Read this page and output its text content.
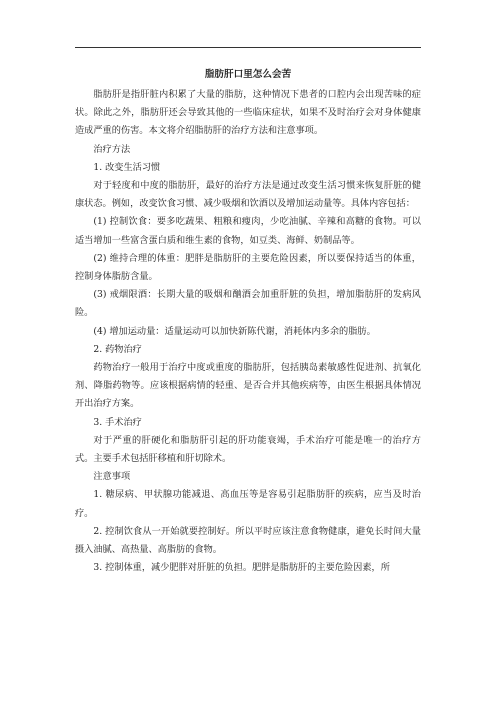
脂肪肝口里怎么会苦

脂肪肝是指肝脏内积累了大量的脂肪，这种情况下患者的口腔内会出现苦味的症状。除此之外，脂肪肝还会导致其他的一些临床症状，如果不及时治疗会对身体健康造成严重的伤害。本文将介绍脂肪肝的治疗方法和注意事项。

治疗方法

1. 改变生活习惯

对于轻度和中度的脂肪肝，最好的治疗方法是通过改变生活习惯来恢复肝脏的健康状态。例如，改变饮食习惯、减少吸烟和饮酒以及增加运动量等。具体内容包括：

(1) 控制饮食：要多吃蔬果、粗粮和瘦肉，少吃油腻、辛辣和高糖的食物。可以适当增加一些富含蛋白质和维生素的食物，如豆类、海鲜、奶制品等。

(2) 维持合理的体重：肥胖是脂肪肝的主要危险因素，所以要保持适当的体重，控制身体脂肪含量。

(3) 戒烟限酒：长期大量的吸烟和酗酒会加重肝脏的负担，增加脂肪肝的发病风险。

(4) 增加运动量：适量运动可以加快新陈代谢，消耗体内多余的脂肪。

2. 药物治疗

药物治疗一般用于治疗中度或重度的脂肪肝，包括胰岛素敏感性促进剂、抗氧化剂、降脂药物等。应该根据病情的轻重、是否合并其他疾病等，由医生根据具体情况开出治疗方案。

3. 手术治疗

对于严重的肝硬化和脂肪肝引起的肝功能衰竭，手术治疗可能是唯一的治疗方式。主要手术包括肝移植和肝切除术。

注意事项

1. 糖尿病、甲状腺功能减退、高血压等是容易引起脂肪肝的疾病，应当及时治疗。

2. 控制饮食从一开始就要控制好。所以平时应该注意食物健康，避免长时间大量摄入油腻、高热量、高脂肪的食物。

3. 控制体重，减少肥胖对肝脏的负担。肥胖是脂肪肝的主要危险因素，所
